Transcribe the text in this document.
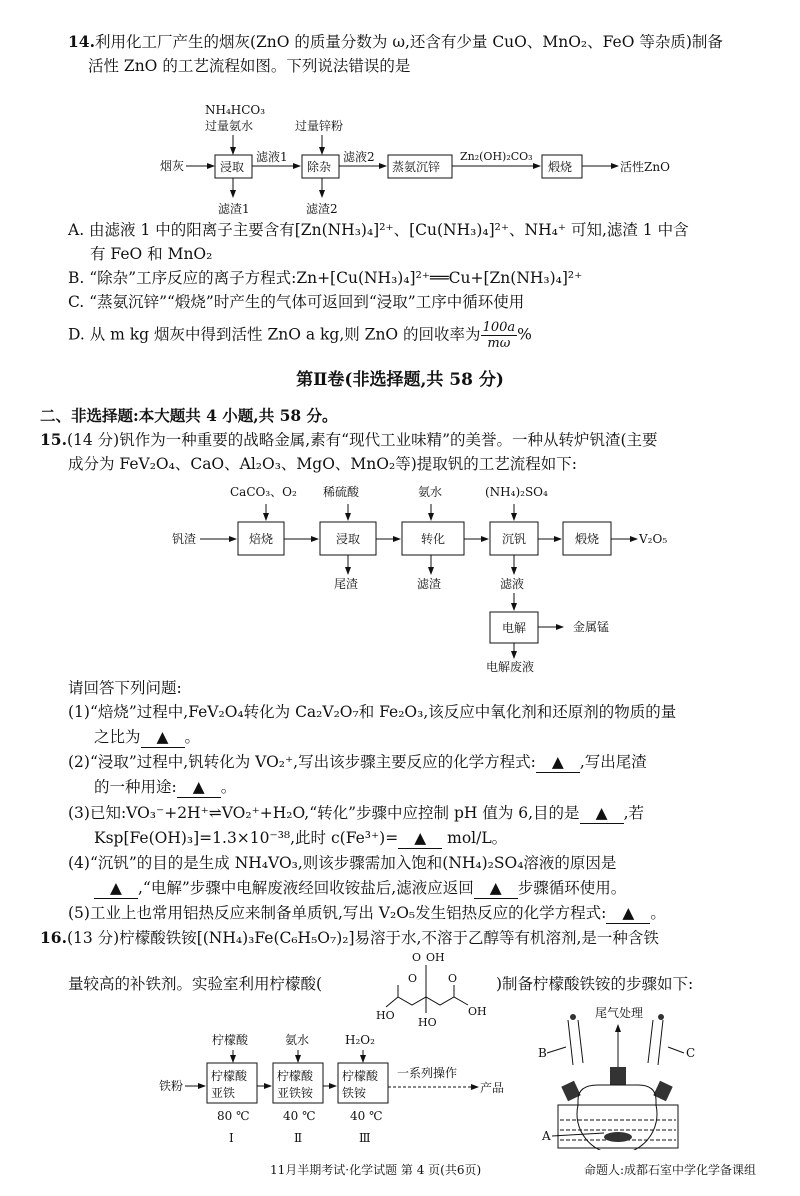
14.利用化工厂产生的烟灰(ZnO 的质量分数为 ω,还含有少量 CuO、MnO₂、FeO 等杂质)制备
活性 ZnO 的工艺流程如图。下列说法错误的是
NH₄HCO₃
过量氨水	过量锌粉
烟灰	浸取
滤液1
除杂
滤液2
蒸氨沉锌
Zn₂(OH)₂CO₃
煅烧	活性ZnO
滤渣1	滤渣2
A. 由滤液 1 中的阳离子主要含有[Zn(NH₃)₄]²⁺、[Cu(NH₃)₄]²⁺、NH₄⁺ 可知,滤渣 1 中含
有 FeO 和 MnO₂
B. “除杂”工序反应的离子方程式:Zn+[Cu(NH₃)₄]²⁺══Cu+[Zn(NH₃)₄]²⁺
C. “蒸氨沉锌”“煅烧”时产生的气体可返回到“浸取”工序中循环使用
D. 从 m kg 烟灰中得到活性 ZnO a kg,则 ZnO 的回收率为 $\frac{100a}{m\omega}$ %
第Ⅱ卷(非选择题,共 58 分)
二、非选择题:本大题共 4 小题,共 58 分。
15.(14 分)钒作为一种重要的战略金属,素有“现代工业味精”的美誉。一种从转炉钒渣(主要
成分为 FeV₂O₄、CaO、Al₂O₃、MgO、MnO₂等)提取钒的工艺流程如下:
CaCO₃、O₂ 稀硫酸	氨水	(NH₄)₂SO₄
钒渣	焙烧	浸取	转化	沉钒	煅烧	V₂O₅
尾渣	滤渣	滤液
电解	金属锰
电解废液
请回答下列问题:
(1)“焙烧”过程中,FeV₂O₄转化为 Ca₂V₂O₇和 Fe₂O₃,该反应中氧化剂和还原剂的物质的量
之比为 ▲ 。
(2)“浸取”过程中,钒转化为 VO₂⁺,写出该步骤主要反应的化学方程式: ▲ ,写出尾渣
的一种用途: ▲ 。
(3)已知:VO₃⁻+2H⁺⇌VO₂⁺+H₂O,“转化”步骤中应控制 pH 值为 6,目的是 ▲ ,若
Ksp[Fe(OH)₃]=1.3×10⁻³⁸,此时 c(Fe³⁺)= ▲ mol/L。
(4)“沉钒”的目的是生成 NH₄VO₃,则该步骤需加入饱和(NH₄)₂SO₄溶液的原因是
▲ ,“电解”步骤中电解废液经回收铵盐后,滤液应返回 ▲ 步骤循环使用。
(5)工业上也常用铝热反应来制备单质钒,写出 V₂O₅发生铝热反应的化学方程式: ▲ 。
16.(13 分)柠檬酸铁铵[(NH₄)₃Fe(C₆H₅O₇)₂]易溶于水,不溶于乙醇等有机溶剂,是一种含铁
量较高的补铁剂。实验室利用柠檬酸(	)制备柠檬酸铁铵的步骤如下:
O OH
O	O
HO
HO
OH
柠檬酸	氨水	H₂O₂
铁粉
柠檬酸
亚铁
柠檬酸
亚铁铵
柠檬酸
铁铵
一系列操作
产品
80 ℃	40 ℃	40 ℃
Ⅰ	Ⅱ	Ⅲ
尾气处理
B	C
A
11月半期考试·化学试题 第 4 页(共6页)	命题人:成都石室中学化学备课组
